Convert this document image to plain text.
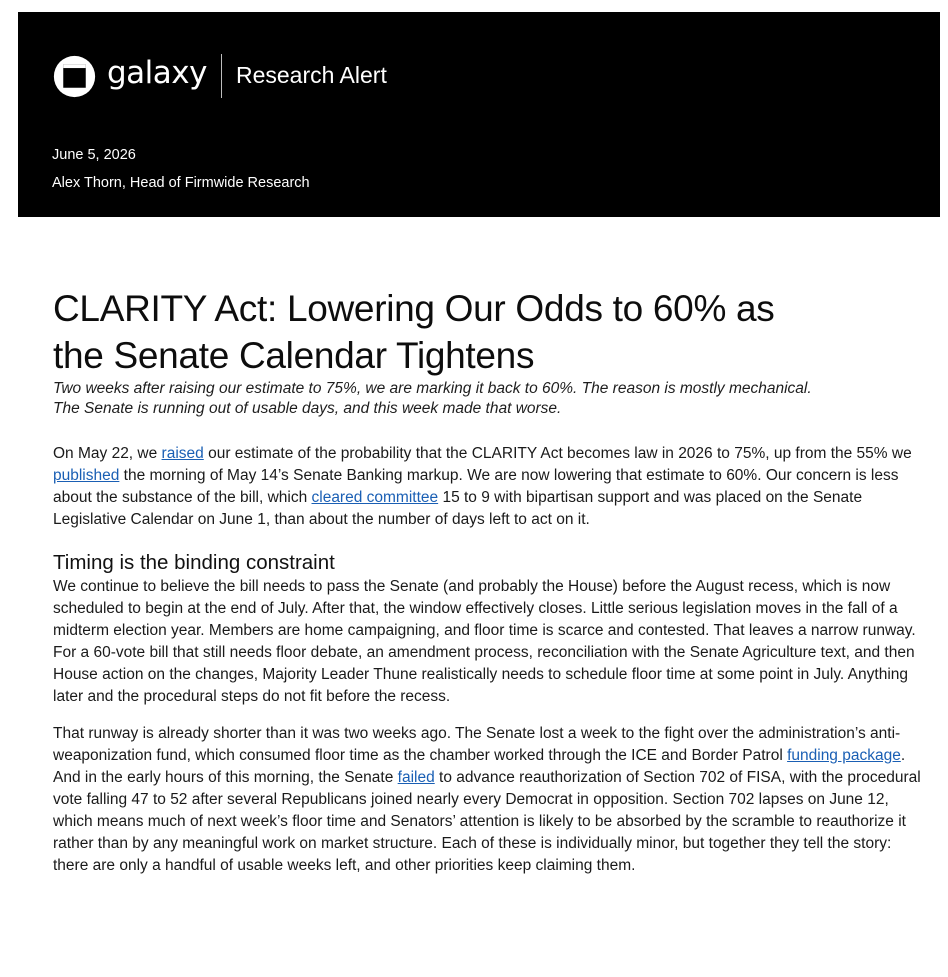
galaxy Research Alert
June 5, 2026
Alex Thorn, Head of Firmwide Research
CLARITY Act: Lowering Our Odds to 60% as
the Senate Calendar Tightens
Two weeks after raising our estimate to 75%, we are marking it back to 60%. The reason is mostly mechanical.
The Senate is running out of usable days, and this week made that worse.

On May 22, we raised our estimate of the probability that the CLARITY Act becomes law in 2026 to 75%, up from the 55% we published the morning of May 14’s Senate Banking markup. We are now lowering that estimate to 60%. Our concern is less about the substance of the bill, which cleared committee 15 to 9 with bipartisan support and was placed on the Senate Legislative Calendar on June 1, than about the number of days left to act on it.

Timing is the binding constraint

We continue to believe the bill needs to pass the Senate (and probably the House) before the August recess, which is now scheduled to begin at the end of July. After that, the window effectively closes. Little serious legislation moves in the fall of a midterm election year. Members are home campaigning, and floor time is scarce and contested. That leaves a narrow runway. For a 60-vote bill that still needs floor debate, an amendment process, reconciliation with the Senate Agriculture text, and then House action on the changes, Majority Leader Thune realistically needs to schedule floor time at some point in July. Anything later and the procedural steps do not fit before the recess.

That runway is already shorter than it was two weeks ago. The Senate lost a week to the fight over the administration’s anti-weaponization fund, which consumed floor time as the chamber worked through the ICE and Border Patrol funding package. And in the early hours of this morning, the Senate failed to advance reauthorization of Section 702 of FISA, with the procedural vote falling 47 to 52 after several Republicans joined nearly every Democrat in opposition. Section 702 lapses on June 12, which means much of next week’s floor time and Senators’ attention is likely to be absorbed by the scramble to reauthorize it rather than by any meaningful work on market structure. Each of these is individually minor, but together they tell the story: there are only a handful of usable weeks left, and other priorities keep claiming them.
